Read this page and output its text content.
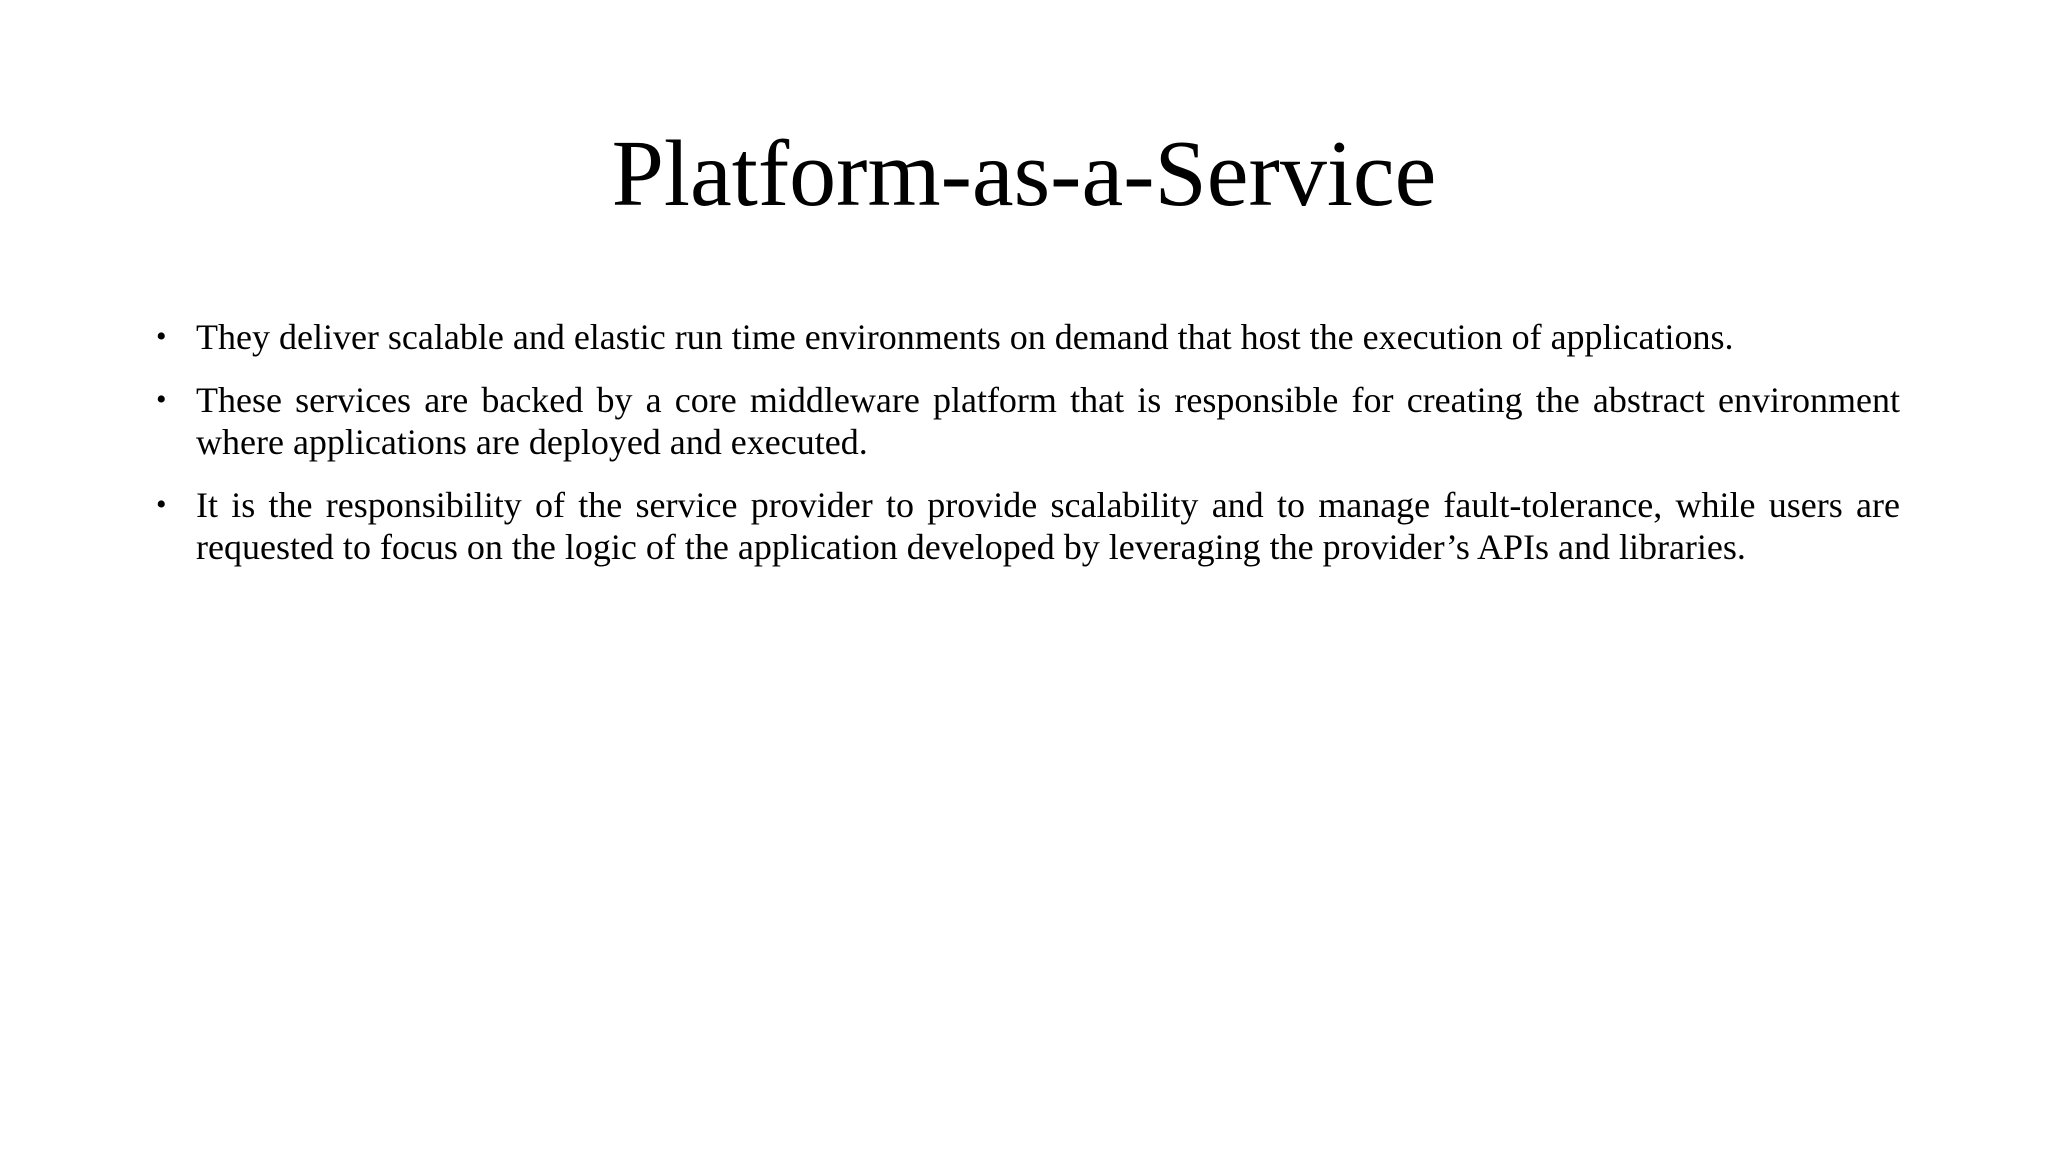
Platform-as-a-Service
• They deliver scalable and elastic run time environments on demand that host the execution of applications.
• These services are backed by a core middleware platform that is responsible for creating the abstract environment where applications are deployed and executed.
• It is the responsibility of the service provider to provide scalability and to manage fault-tolerance, while users are requested to focus on the logic of the application developed by leveraging the provider’s APIs and libraries.
